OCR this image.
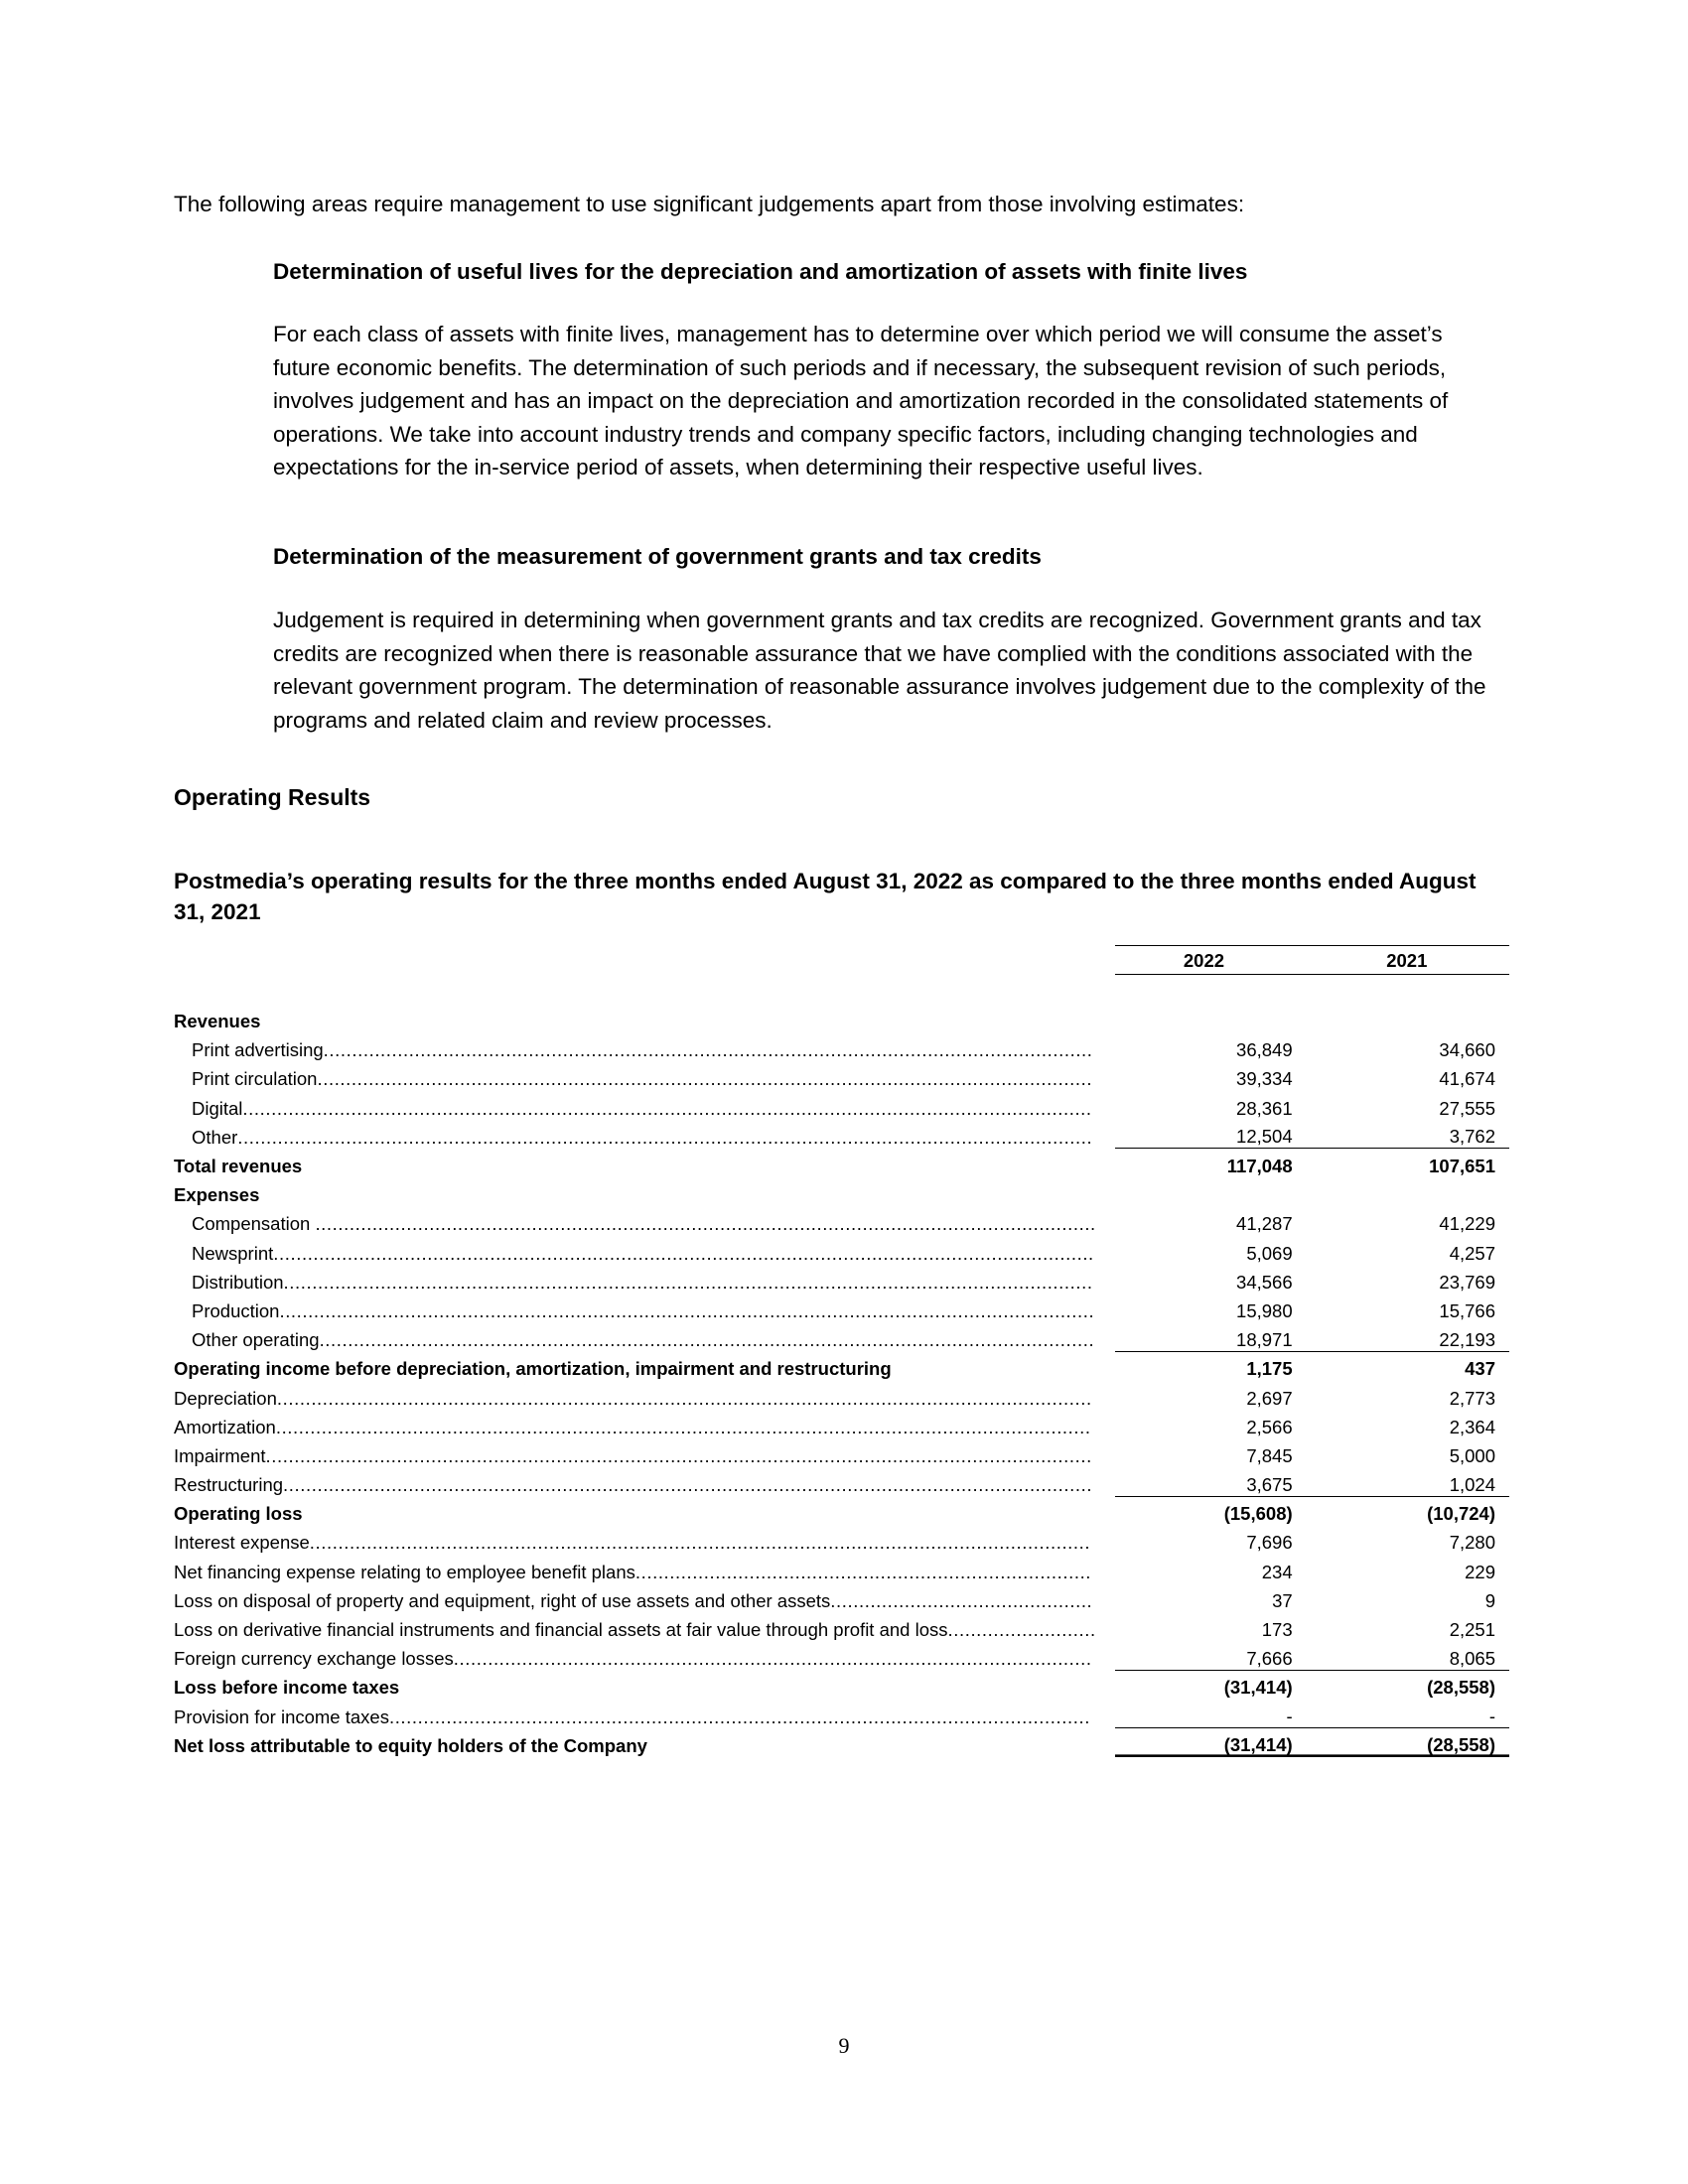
The following areas require management to use significant judgements apart from those involving estimates:
Determination of useful lives for the depreciation and amortization of assets with finite lives

For each class of assets with finite lives, management has to determine over which period we will consume the asset’s future economic benefits. The determination of such periods and if necessary, the subsequent revision of such periods, involves judgement and has an impact on the depreciation and amortization recorded in the consolidated statements of operations. We take into account industry trends and company specific factors, including changing technologies and expectations for the in-service period of assets, when determining their respective useful lives.

Determination of the measurement of government grants and tax credits

Judgement is required in determining when government grants and tax credits are recognized. Government grants and tax credits are recognized when there is reasonable assurance that we have complied with the conditions associated with the relevant government program. The determination of reasonable assurance involves judgement due to the complexity of the programs and related claim and review processes.

Operating Results
Postmedia’s operating results for the three months ended August 31, 2022 as compared to the three months ended August 31, 2021
	2022	2021

Revenues		
Print advertising.......................................................................................................................................	36,849	34,660
Print circulation........................................................................................................................................	39,334	41,674
Digital.....................................................................................................................................................	28,361	27,555
Other......................................................................................................................................................	12,504	3,762
Total revenues	117,048	107,651
Expenses		
Compensation .........................................................................................................................................	41,287	41,229
Newsprint................................................................................................................................................	5,069	4,257
Distribution..............................................................................................................................................	34,566	23,769
Production...............................................................................................................................................	15,980	15,766
Other operating........................................................................................................................................	18,971	22,193
Operating income before depreciation, amortization, impairment and restructuring	1,175	437
Depreciation...............................................................................................................................................	2,697	2,773
Amortization...............................................................................................................................................	2,566	2,364
Impairment.................................................................................................................................................	7,845	5,000
Restructuring..............................................................................................................................................	3,675	1,024
Operating loss	(15,608)	(10,724)
Interest expense.........................................................................................................................................	7,696	7,280
Net financing expense relating to employee benefit plans................................................................................	234	229
Loss on disposal of property and equipment, right of use assets and other assets..............................................	37	9
Loss on derivative financial instruments and financial assets at fair value through profit and loss..........................	173	2,251
Foreign currency exchange losses................................................................................................................	7,666	8,065
Loss before income taxes	(31,414)	(28,558)
Provision for income taxes...........................................................................................................................	-	-
Net loss attributable to equity holders of the Company	(31,414)	(28,558)
9
